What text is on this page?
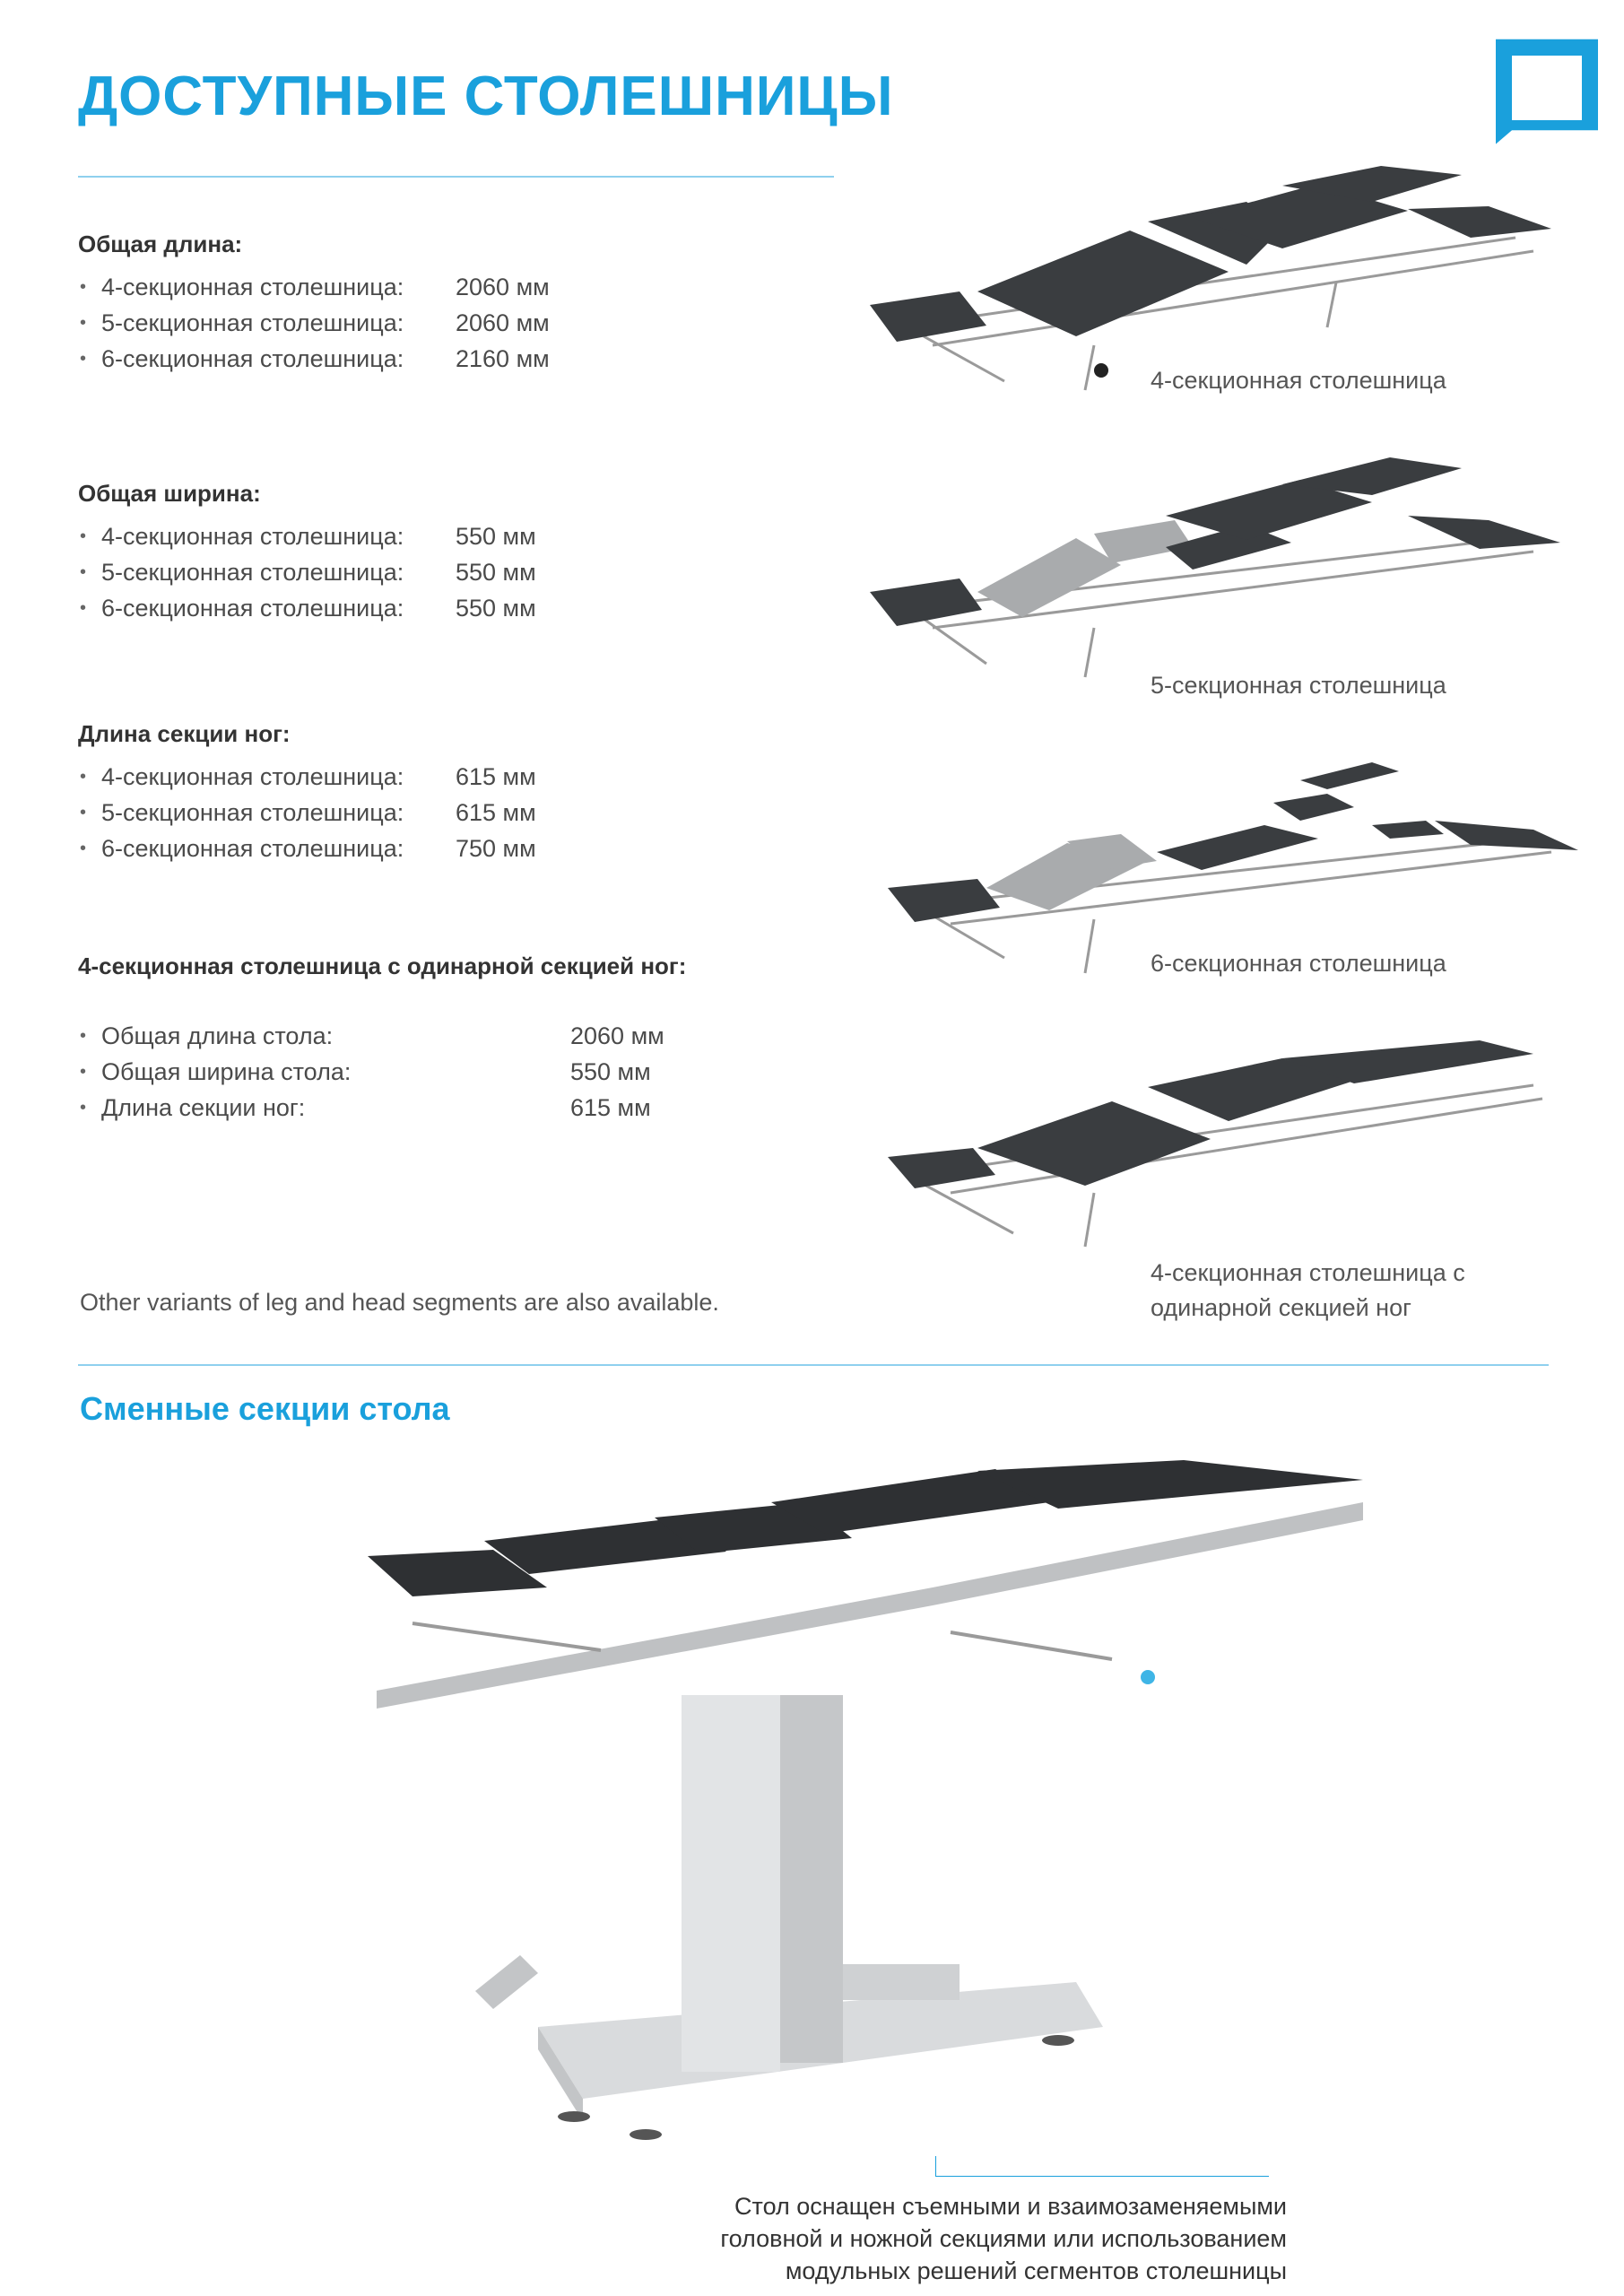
ДОСТУПНЫЕ СТОЛЕШНИЦЫ
Общая длина:
• 4-секционная столешница: 2060 мм
• 5-секционная столешница: 2060 мм
• 6-секционная столешница: 2160 мм
Общая ширина:
• 4-секционная столешница: 550 мм
• 5-секционная столешница: 550 мм
• 6-секционная столешница: 550 мм
Длина секции ног:
• 4-секционная столешница: 615 мм
• 5-секционная столешница: 615 мм
• 6-секционная столешница: 750 мм
4-секционная столешница с одинарной секцией ног:
• Общая длина стола:	2060 мм
• Общая ширина стола:	550 мм
• Длина секции ног:	615 мм
Other variants of leg and head segments are also available.
4-секционная столешница
5-секционная столешница
6-секционная столешница
4-секционная столешница с
одинарной секцией ног
Сменные секции стола
Стол оснащен съемными и взаимозаменяемыми
головной и ножной секциями или использованием
модульных решений сегментов столешницы
